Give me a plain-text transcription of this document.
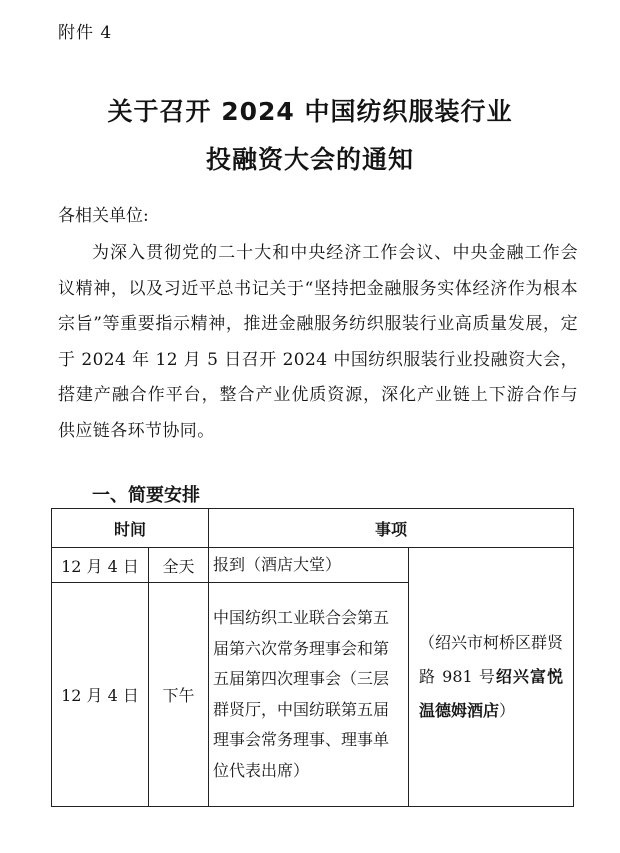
附件 4
关于召开 2024 中国纺织服装行业
投融资大会的通知
各相关单位:
为深入贯彻党的二十大和中央经济工作会议、中央金融工作会议精神，以及习近平总书记关于“坚持把金融服务实体经济作为根本宗旨”等重要指示精神，推进金融服务纺织服装行业高质量发展，定于 2024 年 12 月 5 日召开 2024 中国纺织服装行业投融资大会，搭建产融合作平台，整合产业优质资源，深化产业链上下游合作与供应链各环节协同。
一、简要安排
时间		事项	
12 月 4 日	全天	报到（酒店大堂）	（绍兴市柯桥区群贤路 981 号绍兴富悦温德姆酒店）
12 月 4 日	下午	中国纺织工业联合会第五届第六次常务理事会和第五届第四次理事会（三层群贤厅，中国纺联第五届理事会常务理事、理事单位代表出席）	
